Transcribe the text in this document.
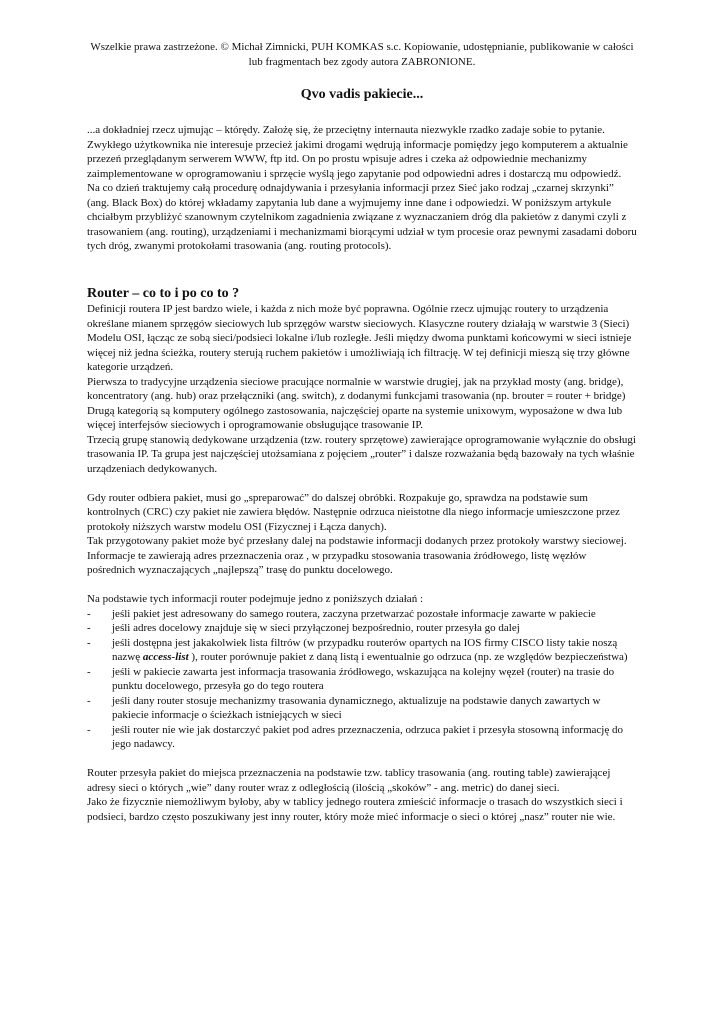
Wszelkie prawa zastrzeżone. © Michał Zimnicki, PUH KOMKAS s.c. Kopiowanie, udostępnianie, publikowanie w całości lub fragmentach bez zgody autora ZABRONIONE.

Qvo vadis pakiecie...

...a dokładniej rzecz ujmując – którędy. Założę się, że przeciętny internauta niezwykle rzadko zadaje sobie to pytanie. Zwykłego użytkownika nie interesuje przecież jakimi drogami wędrują informacje pomiędzy jego komputerem a aktualnie przezeń przeglądanym serwerem WWW, ftp itd. On po prostu wpisuje adres i czeka aż odpowiednie mechanizmy zaimplementowane w oprogramowaniu i sprzęcie wyślą jego zapytanie pod odpowiedni adres i dostarczą mu odpowiedź.

Na co dzień traktujemy całą procedurę odnajdywania i przesyłania informacji przez Sieć jako rodzaj „czarnej skrzynki” (ang. Black Box) do której wkładamy zapytania lub dane a wyjmujemy inne dane i odpowiedzi. W poniższym artykule chciałbym przybliżyć szanownym czytelnikom zagadnienia związane z wyznaczaniem dróg dla pakietów z danymi czyli z trasowaniem (ang. routing), urządzeniami i mechanizmami biorącymi udział w tym procesie oraz pewnymi zasadami doboru tych dróg, zwanymi protokołami trasowania (ang. routing protocols).

Router – co to i po co to ?

Definicji routera IP jest bardzo wiele, i każda z nich może być poprawna. Ogólnie rzecz ujmując routery to urządzenia określane mianem sprzęgów sieciowych lub sprzęgów warstw sieciowych. Klasyczne routery działają w warstwie 3 (Sieci) Modelu OSI, łącząc ze sobą sieci/podsieci lokalne i/lub rozległe. Jeśli między dwoma punktami końcowymi w sieci istnieje więcej niż jedna ścieżka, routery sterują ruchem pakietów i umożliwiają ich filtrację. W tej definicji mieszą się trzy główne kategorie urządzeń.

Pierwsza to tradycyjne urządzenia sieciowe pracujące normalnie w warstwie drugiej, jak na przykład mosty (ang. bridge), koncentratory (ang. hub) oraz przełączniki (ang. switch), z dodanymi funkcjami trasowania (np. brouter = router + bridge)

Drugą kategorią są komputery ogólnego zastosowania, najczęściej oparte na systemie unixowym, wyposażone w dwa lub więcej interfejsów sieciowych i oprogramowanie obsługujące trasowanie IP.

Trzecią grupę stanowią dedykowane urządzenia (tzw. routery sprzętowe) zawierające oprogramowanie wyłącznie do obsługi trasowania IP. Ta grupa jest najczęściej utożsamiana z pojęciem „router” i dalsze rozważania będą bazowały na tych właśnie urządzeniach dedykowanych.

Gdy router odbiera pakiet, musi go „spreparować” do dalszej obróbki. Rozpakuje go, sprawdza na podstawie sum kontrolnych (CRC) czy pakiet nie zawiera błędów. Następnie odrzuca nieistotne dla niego informacje umieszczone przez protokoły niższych warstw modelu OSI (Fizycznej i Łącza danych).

Tak przygotowany pakiet może być przesłany dalej na podstawie informacji dodanych przez protokoły warstwy sieciowej. Informacje te zawierają adres przeznaczenia oraz , w przypadku stosowania trasowania źródłowego, listę węzłów pośrednich wyznaczających „najlepszą” trasę do punktu docelowego.

Na podstawie tych informacji router podejmuje jedno z poniższych działań :

- jeśli pakiet jest adresowany do samego routera, zaczyna przetwarzać pozostałe informacje zawarte w pakiecie
- jeśli adres docelowy znajduje się w sieci przyłączonej bezpośrednio, router przesyła go dalej
- jeśli dostępna jest jakakolwiek lista filtrów (w przypadku routerów opartych na IOS firmy CISCO listy takie noszą nazwę access-list ), router porównuje pakiet z daną listą i ewentualnie go odrzuca (np. ze względów bezpieczeństwa)
- jeśli w pakiecie zawarta jest informacja trasowania źródłowego, wskazująca na kolejny węzeł (router) na trasie do punktu docelowego, przesyła go do tego routera
- jeśli dany router stosuje mechanizmy trasowania dynamicznego, aktualizuje na podstawie danych zawartych w pakiecie informacje o ścieżkach istniejących w sieci
- jeśli router nie wie jak dostarczyć pakiet pod adres przeznaczenia, odrzuca pakiet i przesyła stosowną informację do jego nadawcy.

Router przesyła pakiet do miejsca przeznaczenia na podstawie tzw. tablicy trasowania (ang. routing table) zawierającej adresy sieci o których „wie” dany router wraz z odległością (ilością „skoków” - ang. metric) do danej sieci.

Jako że fizycznie niemożliwym byłoby, aby w tablicy jednego routera zmieścić informacje o trasach do wszystkich sieci i podsieci, bardzo często poszukiwany jest inny router, który może mieć informacje o sieci o której „nasz” router nie wie.
